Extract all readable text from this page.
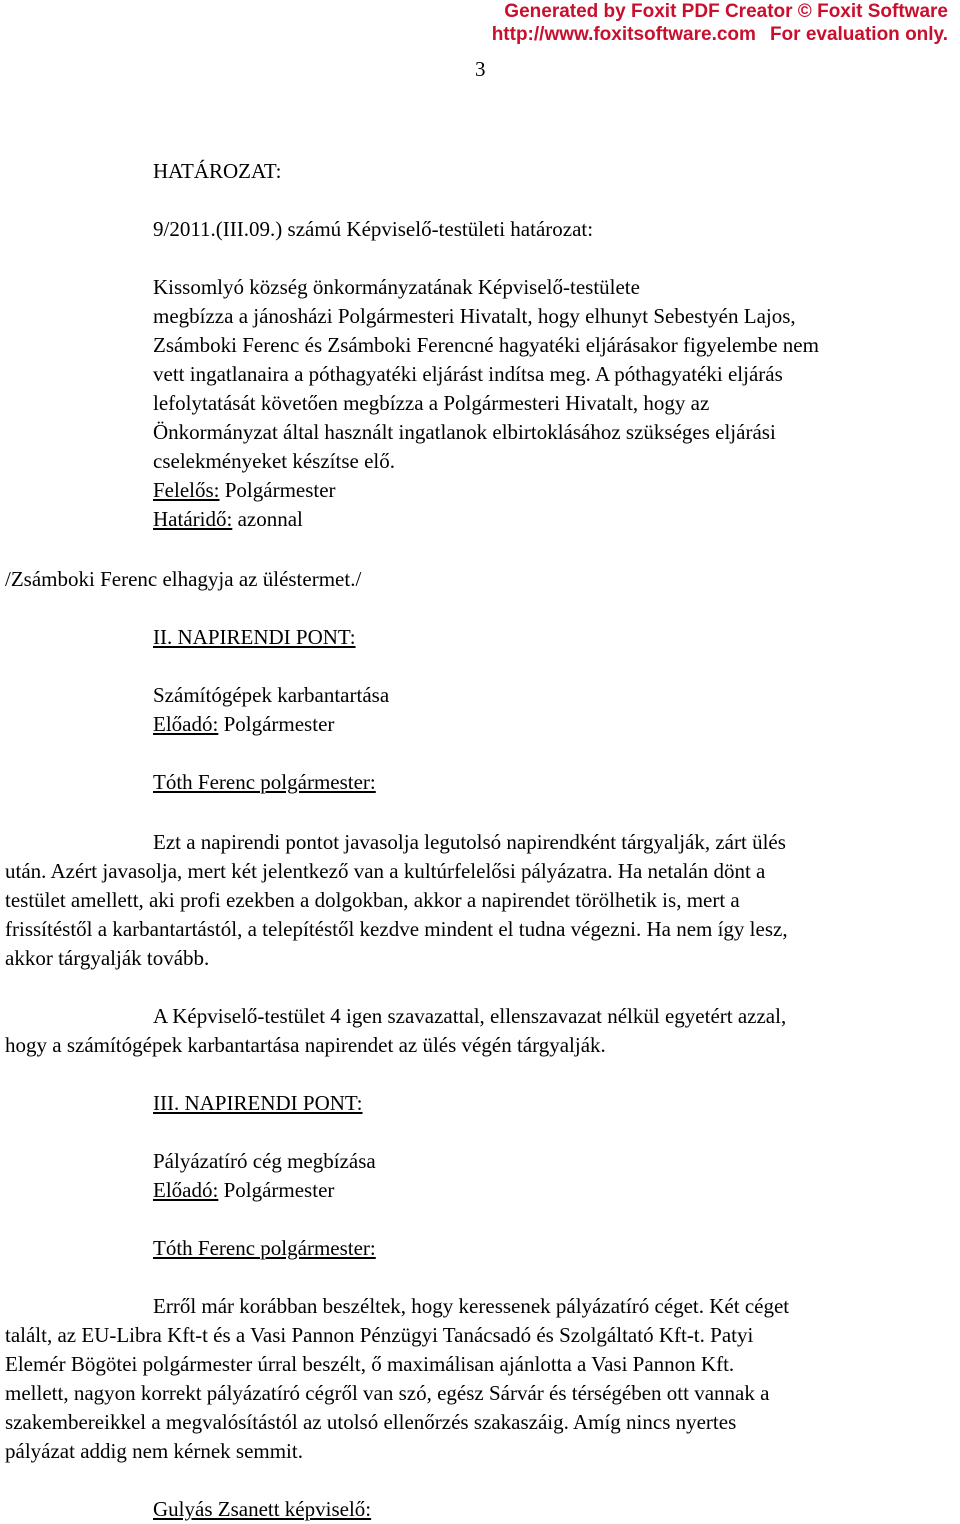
Generated by Foxit PDF Creator © Foxit Software
http://www.foxitsoftware.com For evaluation only.
3
HATÁROZAT:
9/2011.(III.09.) számú Képviselő-testületi határozat:
Kissomlyó község önkormányzatának Képviselő-testülete
megbízza a jánosházi Polgármesteri Hivatalt, hogy elhunyt Sebestyén Lajos,
Zsámboki Ferenc és Zsámboki Ferencné hagyatéki eljárásakor figyelembe nem
vett ingatlanaira a póthagyatéki eljárást indítsa meg. A póthagyatéki eljárás
lefolytatását követően megbízza a Polgármesteri Hivatalt, hogy az
Önkormányzat által használt ingatlanok elbirtoklásához szükséges eljárási
cselekményeket készítse elő.
Felelős: Polgármester
Határidő: azonnal
/Zsámboki Ferenc elhagyja az üléstermet./
II. NAPIRENDI PONT:
Számítógépek karbantartása
Előadó: Polgármester
Tóth Ferenc polgármester:
Ezt a napirendi pontot javasolja legutolsó napirendként tárgyalják, zárt ülés
után. Azért javasolja, mert két jelentkező van a kultúrfelelősi pályázatra. Ha netalán dönt a
testület amellett, aki profi ezekben a dolgokban, akkor a napirendet törölhetik is, mert a
frissítéstől a karbantartástól, a telepítéstől kezdve mindent el tudna végezni. Ha nem így lesz,
akkor tárgyalják tovább.
A Képviselő-testület 4 igen szavazattal, ellenszavazat nélkül egyetért azzal,
hogy a számítógépek karbantartása napirendet az ülés végén tárgyalják.
III. NAPIRENDI PONT:
Pályázatíró cég megbízása
Előadó: Polgármester
Tóth Ferenc polgármester:
Erről már korábban beszéltek, hogy keressenek pályázatíró céget. Két céget
talált, az EU-Libra Kft-t és a Vasi Pannon Pénzügyi Tanácsadó és Szolgáltató Kft-t. Patyi
Elemér Bögötei polgármester úrral beszélt, ő maximálisan ajánlotta a Vasi Pannon Kft.
mellett, nagyon korrekt pályázatíró cégről van szó, egész Sárvár és térségében ott vannak a
szakembereikkel a megvalósítástól az utolsó ellenőrzés szakaszáig. Amíg nincs nyertes
pályázat addig nem kérnek semmit.
Gulyás Zsanett képviselő:
